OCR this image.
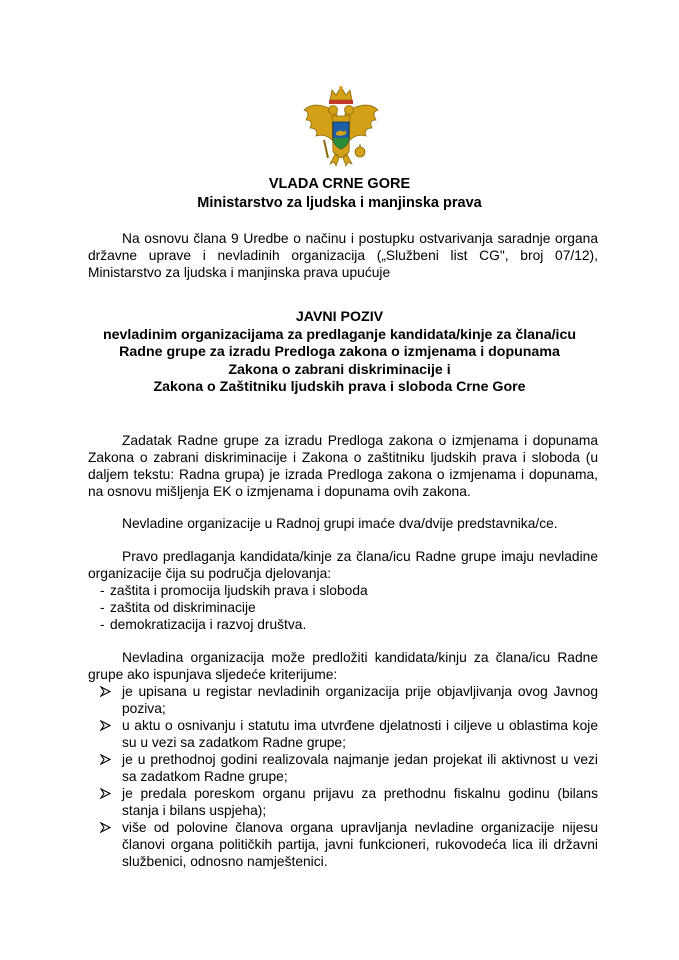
VLADA CRNE GORE
Ministarstvo za ljudska i manjinska prava
Na osnovu člana 9 Uredbe o načinu i postupku ostvarivanja saradnje organa državne uprave i nevladinih organizacija („Službeni list CG", broj 07/12), Ministarstvo za ljudska i manjinska prava upućuje
JAVNI POZIV
nevladinim organizacijama za predlaganje kandidata/kinje za člana/icu
Radne grupe za izradu Predloga zakona o izmjenama i dopunama
Zakona o zabrani diskriminacije i
Zakona o Zaštitniku ljudskih prava i sloboda Crne Gore
Zadatak Radne grupe za izradu Predloga zakona o izmjenama i dopunama Zakona o zabrani diskriminacije i Zakona o zaštitniku ljudskih prava i sloboda (u daljem tekstu: Radna grupa) je izrada Predloga zakona o izmjenama i dopunama, na osnovu mišljenja EK o izmjenama i dopunama ovih zakona.
Nevladine organizacije u Radnoj grupi imaće dva/dvije predstavnika/ce.
Pravo predlaganja kandidata/kinje za člana/icu Radne grupe imaju nevladine organizacije čija su područja djelovanja:
- zaštita i promocija ljudskih prava i sloboda
- zaštita od diskriminacije
- demokratizacija i razvoj društva.
Nevladina organizacija može predložiti kandidata/kinju za člana/icu Radne grupe ako ispunjava sljedeće kriterijume:
je upisana u registar nevladinih organizacija prije objavljivanja ovog Javnog poziva;
u aktu o osnivanju i statutu ima utvrđene djelatnosti i ciljeve u oblastima koje su u vezi sa zadatkom Radne grupe;
je u prethodnoj godini realizovala najmanje jedan projekat ili aktivnost u vezi sa zadatkom Radne grupe;
je predala poreskom organu prijavu za prethodnu fiskalnu godinu (bilans stanja i bilans uspjeha);
više od polovine članova organa upravljanja nevladine organizacije nijesu članovi organa političkih partija, javni funkcioneri, rukovodeća lica ili državni službenici, odnosno namještenici.
